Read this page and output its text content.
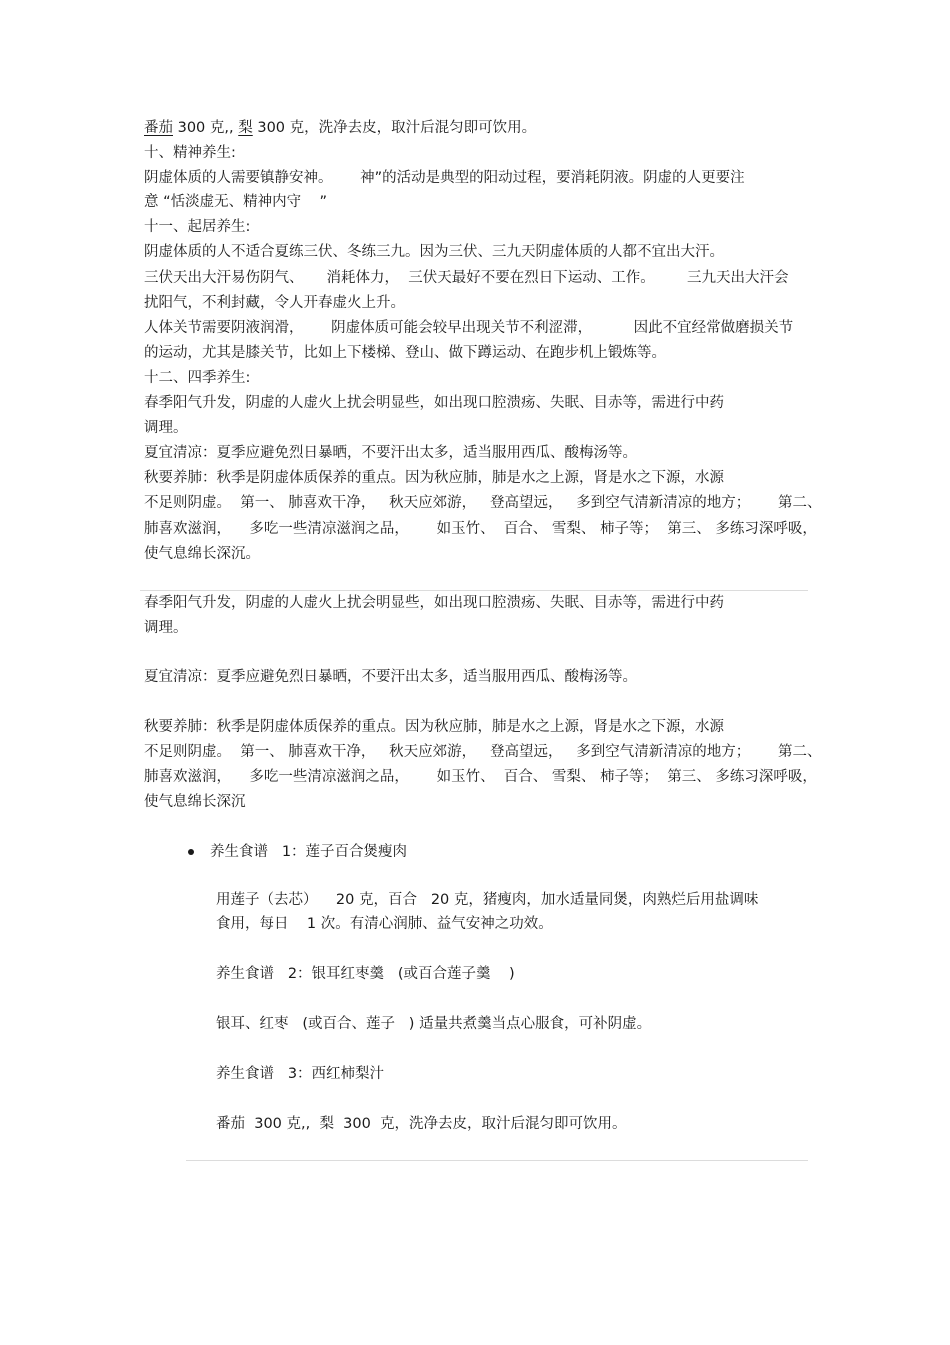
番茄 300 克,, 梨 300 克，洗净去皮，取汁后混匀即可饮用。

十、精神养生:

阴虚体质的人需要镇静安神。      神”的活动是典型的阳动过程，要消耗阴液。阴虚的人更要注

意 “恬淡虚无、精神内守    ”

十一、起居养生:

阴虚体质的人不适合夏练三伏、冬练三九。因为三伏、三九天阴虚体质的人都不宜出大汗。

三伏天出大汗易伤阴气、     消耗体力，  三伏天最好不要在烈日下运动、工作。       三九天出大汗会

扰阳气，不利封藏，令人开春虚火上升。

人体关节需要阴液润滑，      阴虚体质可能会较早出现关节不利涩滞，         因此不宜经常做磨损关节

的运动，尤其是膝关节，比如上下楼梯、登山、做下蹲运动、在跑步机上锻炼等。

十二、四季养生:

春季阳气升发，阴虚的人虚火上扰会明显些，如出现口腔溃疡、失眠、目赤等，需进行中药

调理。

夏宜清凉：夏季应避免烈日暴晒，不要汗出太多，适当服用西瓜、酸梅汤等。

秋要养肺：秋季是阴虚体质保养的重点。因为秋应肺，肺是水之上源，肾是水之下源，水源

不足则阴虚。  第一、 肺喜欢干净，   秋天应郊游，   登高望远，   多到空气清新清凉的地方；      第二、

肺喜欢滋润，    多吃一些清凉滋润之品，      如玉竹、  百合、 雪梨、 柿子等；  第三、 多练习深呼吸，

使气息绵长深沉。

春季阳气升发，阴虚的人虚火上扰会明显些，如出现口腔溃疡、失眠、目赤等，需进行中药

调理。

夏宜清凉：夏季应避免烈日暴晒，不要汗出太多，适当服用西瓜、酸梅汤等。

秋要养肺：秋季是阴虚体质保养的重点。因为秋应肺，肺是水之上源，肾是水之下源，水源

不足则阴虚。  第一、 肺喜欢干净，   秋天应郊游，   登高望远，   多到空气清新清凉的地方；      第二、

肺喜欢滋润，    多吃一些清凉滋润之品，      如玉竹、  百合、 雪梨、 柿子等；  第三、 多练习深呼吸，

使气息绵长深沉

养生食谱   1：莲子百合煲瘦肉

用莲子（去芯）    20 克，百合   20 克，猪瘦肉，加水适量同煲，肉熟烂后用盐调味

食用，每日    1 次。有清心润肺、益气安神之功效。

养生食谱   2：银耳红枣羹   (或百合莲子羹    )

银耳、红枣   (或百合、莲子   ) 适量共煮羹当点心服食，可补阴虚。

养生食谱   3：西红柿梨汁

番茄  300 克,,  梨  300  克，洗净去皮，取汁后混匀即可饮用。
